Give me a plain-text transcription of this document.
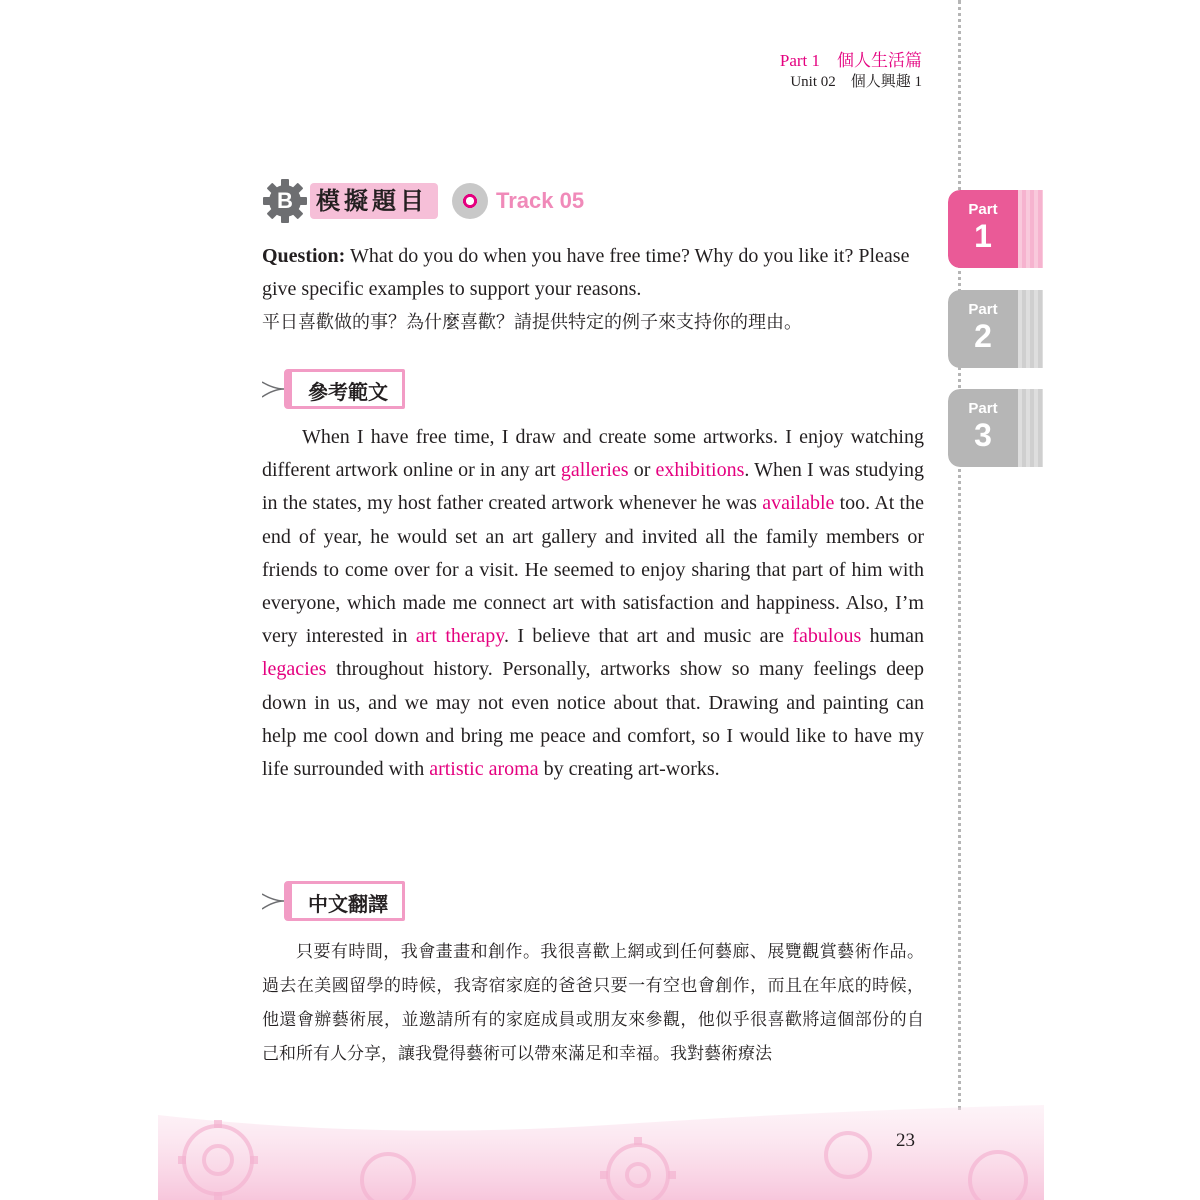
Part 1　個人生活篇
Unit 02　個人興趣 1
Part
1
Part
2
Part
3
B 模擬題目	Track 05
Question: What do you do when you have free time? Why do you like it? Please give specific examples to support your reasons.
平日喜歡做的事？為什麼喜歡？請提供特定的例子來支持你的理由。
參考範文
When I have free time, I draw and create some artworks. I enjoy watching different artwork online or in any art galleries or exhibitions. When I was studying in the states, my host father created artwork whenever he was available too. At the end of year, he would set an art gallery and invited all the family members or friends to come over for a visit. He seemed to enjoy sharing that part of him with everyone, which made me connect art with satisfaction and happiness. Also, I’m very interested in art therapy. I believe that art and music are fabulous human legacies throughout history. Personally, artworks show so many feelings deep down in us, and we may not even notice about that. Drawing and painting can help me cool down and bring me peace and comfort, so I would like to have my life surrounded with artistic aroma by creating art-works.
中文翻譯
只要有時間，我會畫畫和創作。我很喜歡上網或到任何藝廊、展覽觀賞藝術作品。過去在美國留學的時候，我寄宿家庭的爸爸只要一有空也會創作，而且在年底的時候，他還會辦藝術展，並邀請所有的家庭成員或朋友來參觀，他似乎很喜歡將這個部份的自己和所有人分享，讓我覺得藝術可以帶來滿足和幸福。我對藝術療法
23
